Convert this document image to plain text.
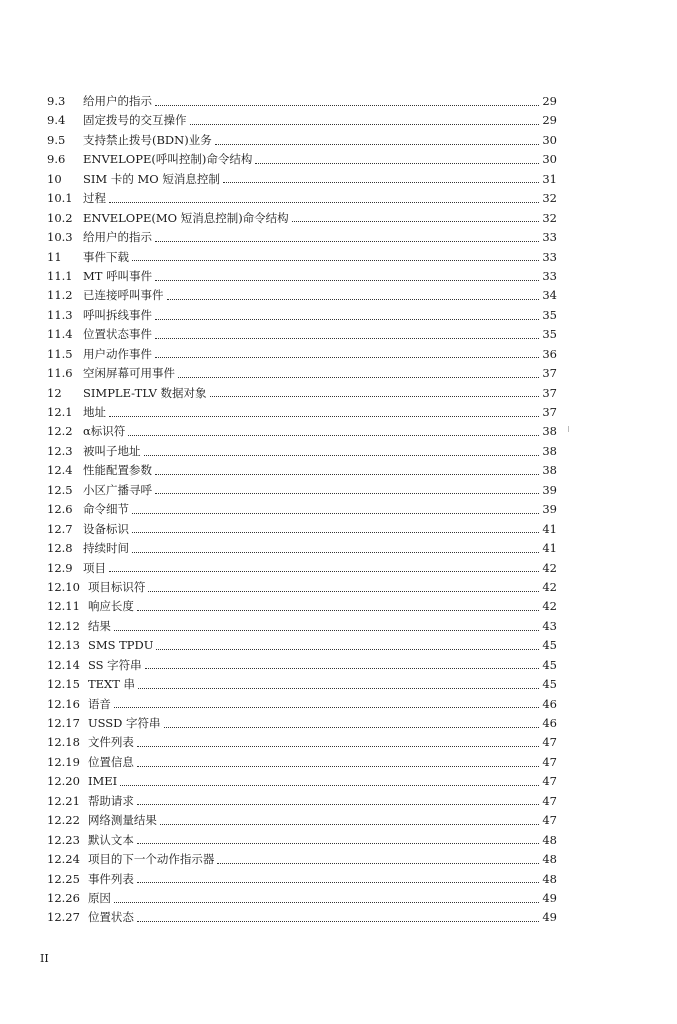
9.3	给用户的指示	29
9.4	固定拨号的交互操作	29
9.5	支持禁止拨号(BDN)业务	30
9.6	ENVELOPE(呼叫控制)命令结构	30
10	SIM 卡的 MO 短消息控制	31
10.1 过程	32
10.2 ENVELOPE(MO 短消息控制)命令结构	32
10.3 给用户的指示	33
11	事件下载	33
11.1 MT 呼叫事件	33
11.2 已连接呼叫事件	34
11.3 呼叫拆线事件	35
11.4 位置状态事件	35
11.5 用户动作事件	36
11.6 空闲屏幕可用事件	37
12	SIMPLE-TLV 数据对象	37
12.1 地址	37
12.2 α标识符	38
12.3 被叫子地址	38
12.4 性能配置参数	38
12.5 小区广播寻呼	39
12.6 命令细节	39
12.7 设备标识	41
12.8 持续时间	41
12.9 项目	42
12.10 项目标识符	42
12.11 响应长度	42
12.12 结果	43
12.13 SMS TPDU	45
12.14 SS 字符串	45
12.15 TEXT 串	45
12.16 语音	46
12.17 USSD 字符串	46
12.18 文件列表	47
12.19 位置信息	47
12.20 IMEI	47
12.21 帮助请求	47
12.22 网络测量结果	47
12.23 默认文本	48
12.24 项目的下一个动作指示器	48
12.25 事件列表	48
12.26 原因	49
12.27 位置状态	49
II
